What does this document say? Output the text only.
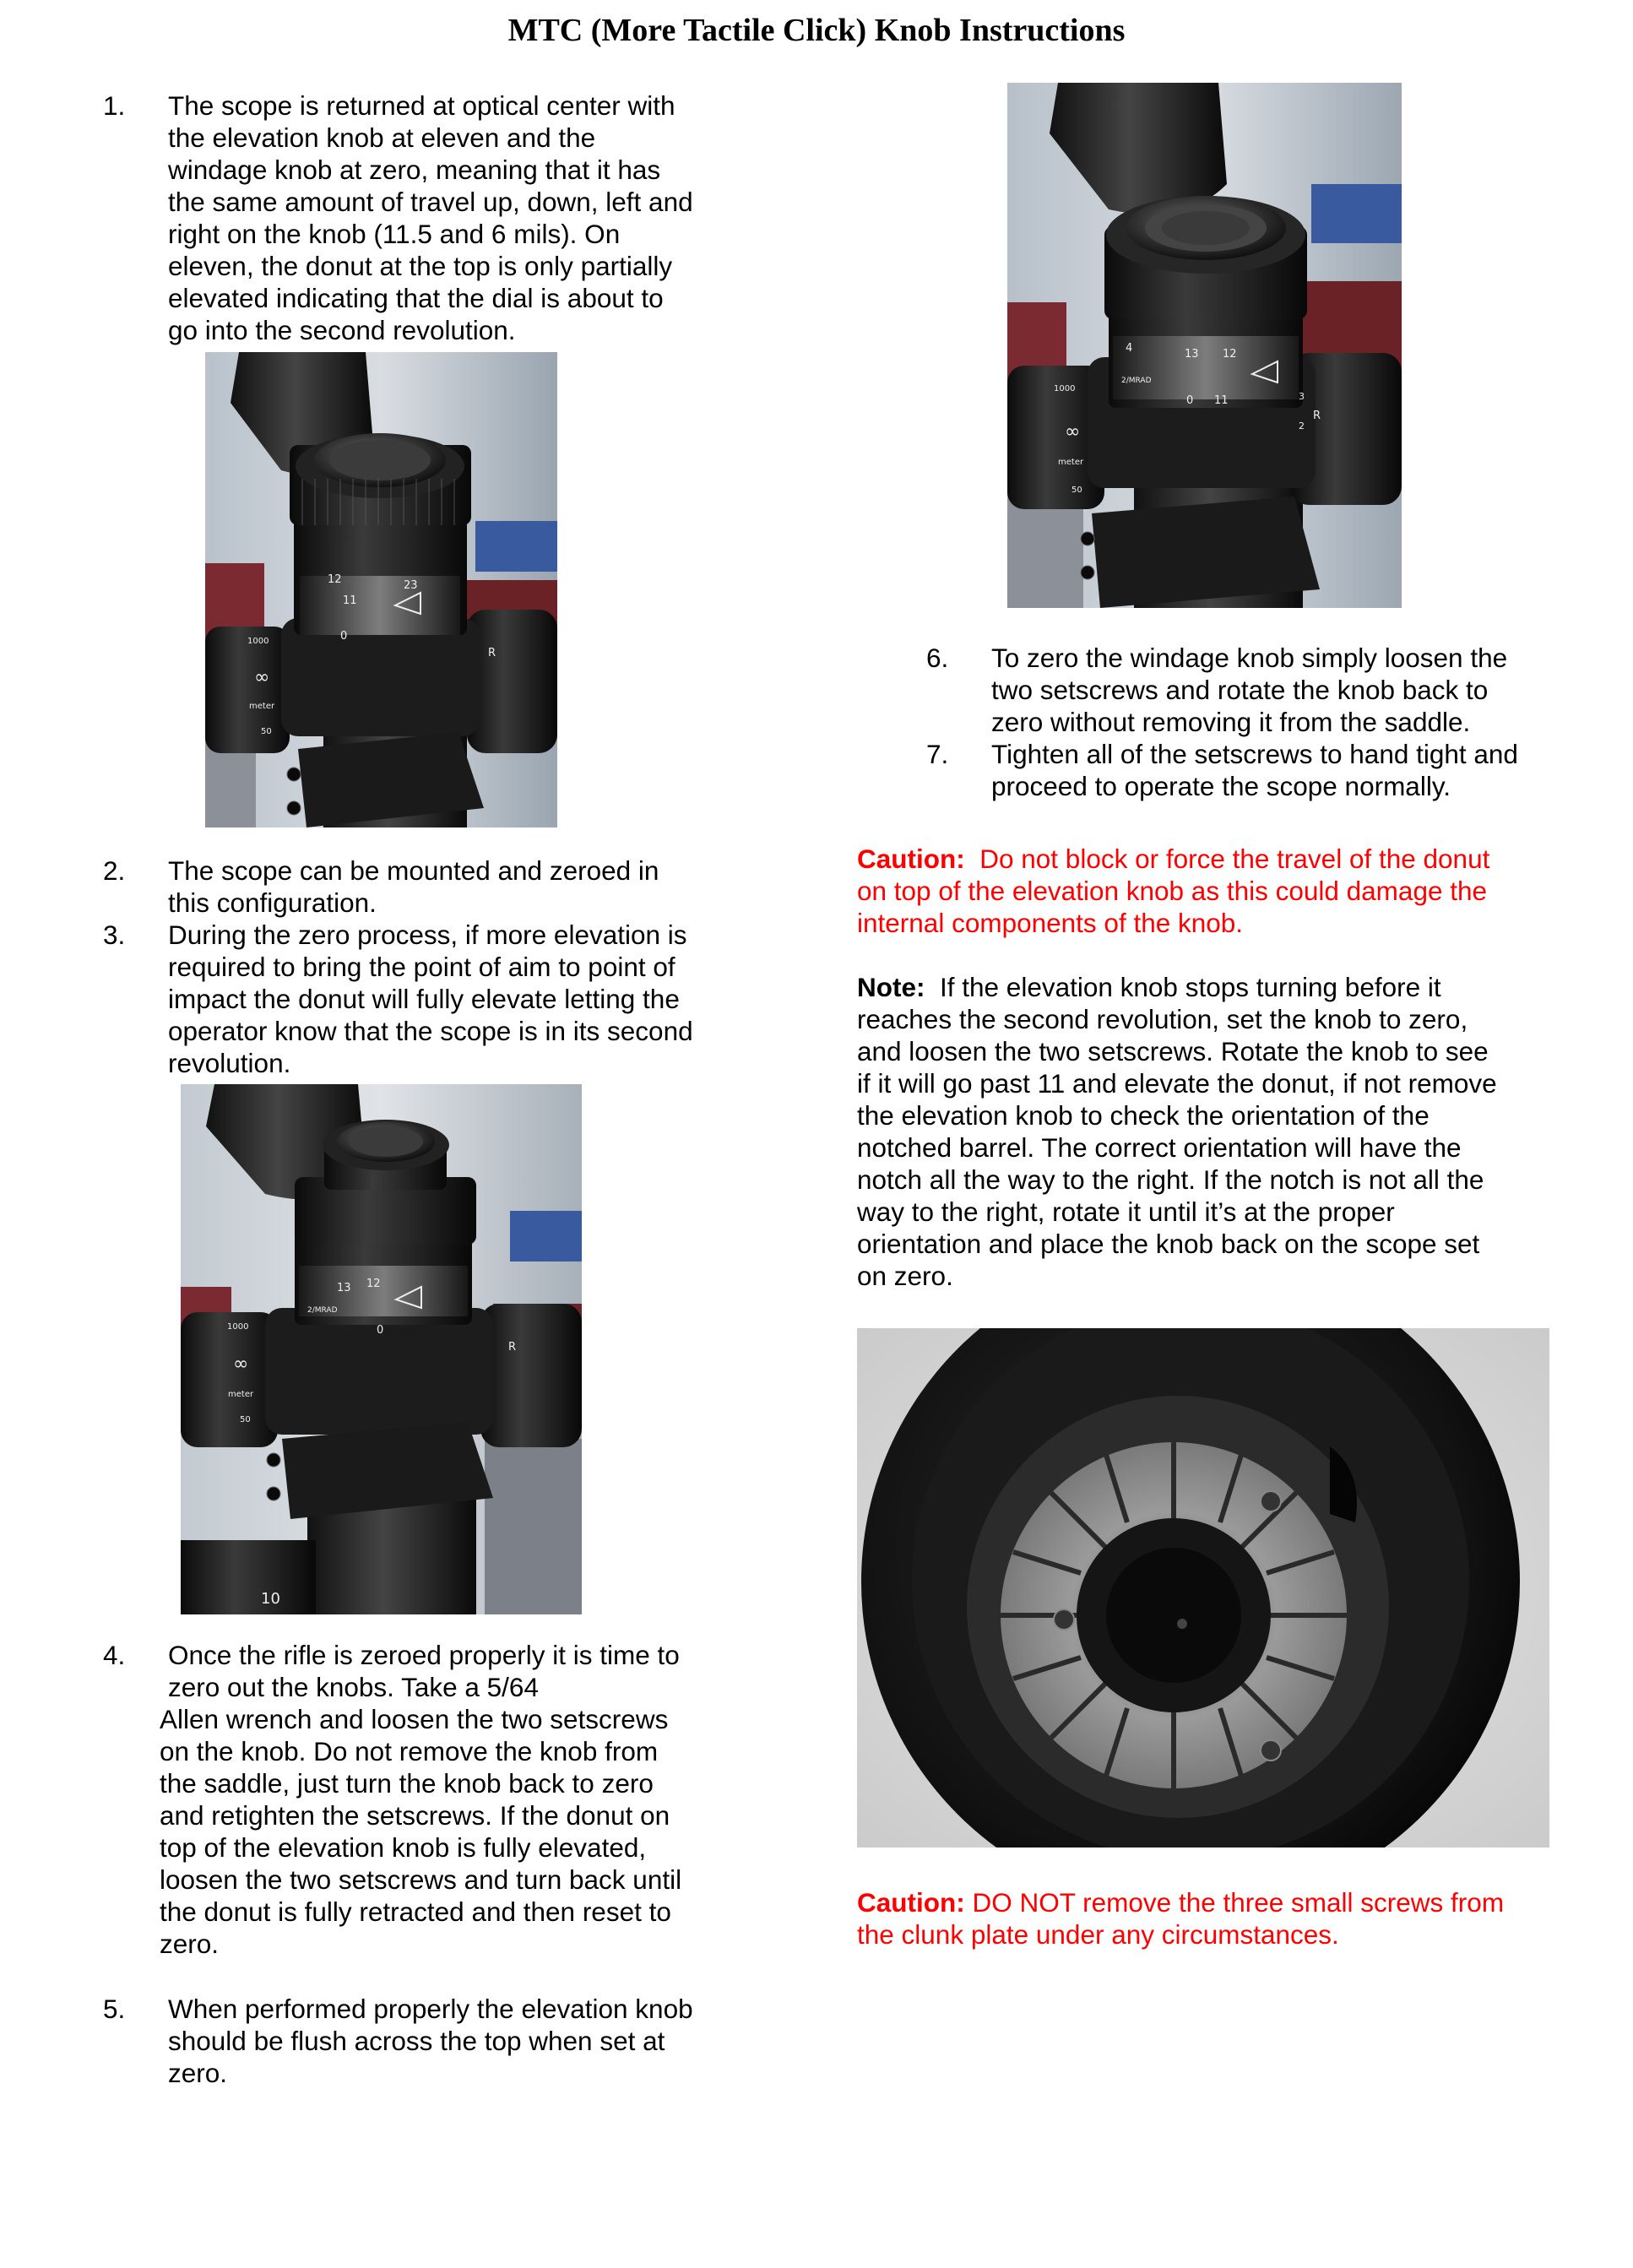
MTC (More Tactile Click) Knob Instructions
1. The scope is returned at optical center with
the elevation knob at eleven and the
windage knob at zero, meaning that it has
the same amount of travel up, down, left and
right on the knob (11.5 and 6 mils). On
eleven, the donut at the top is only partially
elevated indicating that the dial is about to
go into the second revolution.
11
12	23
0
1000
∞
meter
50
R
2. The scope can be mounted and zeroed in
this configuration.
3. During the zero process, if more elevation is
required to bring the point of aim to point of
impact the donut will fully elevate letting the
operator know that the scope is in its second
revolution.
13 12
2/MRAD
0
1000
∞
meter
50
R
10
4. Once the rifle is zeroed properly it is time to
zero out the knobs. Take a 5/64
Allen wrench and loosen the two setscrews
on the knob. Do not remove the knob from
the saddle, just turn the knob back to zero
and retighten the setscrews. If the donut on
top of the elevation knob is fully elevated,
loosen the two setscrews and turn back until
the donut is fully retracted and then reset to
zero.
5. When performed properly the elevation knob
should be flush across the top when set at
zero.
4	13 12
2/MRAD
0 11
1000
∞
meter
50
R
2
3
6. To zero the windage knob simply loosen the
two setscrews and rotate the knob back to
zero without removing it from the saddle.
7. Tighten all of the setscrews to hand tight and
proceed to operate the scope normally.
Caution:  Do not block or force the travel of the donut
on top of the elevation knob as this could damage the
internal components of the knob.
Note:  If the elevation knob stops turning before it
reaches the second revolution, set the knob to zero,
and loosen the two setscrews. Rotate the knob to see
if it will go past 11 and elevate the donut, if not remove
the elevation knob to check the orientation of the
notched barrel. The correct orientation will have the
notch all the way to the right. If the notch is not all the
way to the right, rotate it until it’s at the proper
orientation and place the knob back on the scope set
on zero.
Caution: DO NOT remove the three small screws from
the clunk plate under any circumstances.
